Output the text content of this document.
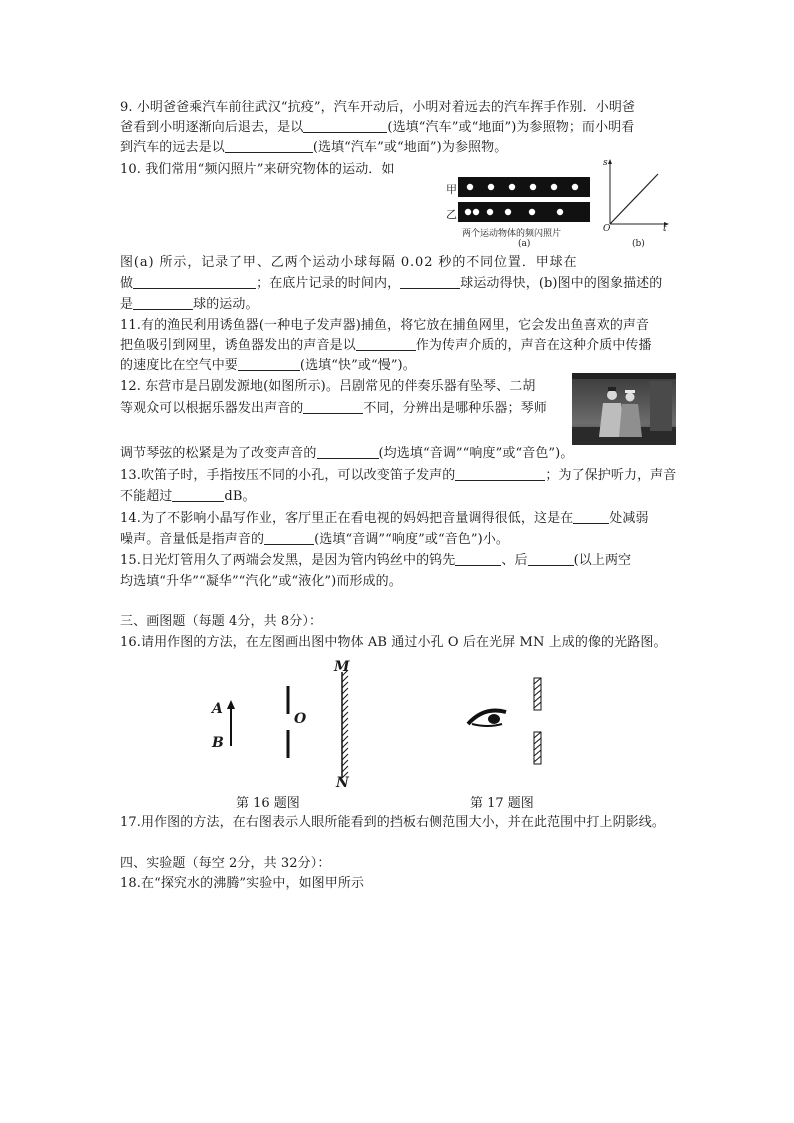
9. 小明爸爸乘汽车前往武汉“抗疫”，汽车开动后，小明对着远去的汽车挥手作别．小明爸
爸看到小明逐渐向后退去，是以	(选填“汽车”或“地面”)为参照物；而小明看
到汽车的远去是以	(选填“汽车”或“地面”)为参照物。
10. 我们常用“频闪照片”来研究物体的运动．如
甲
乙
两个运动物体的频闪照片
(a)
s
t
O
(b)
图(a) 所示，记录了甲、乙两个运动小球每隔 0.02 秒的不同位置．甲球在
做	；在底片记录的时间内，	球运动得快，(b)图中的图象描述的
是	球的运动。
11.有的渔民利用诱鱼器(一种电子发声器)捕鱼，将它放在捕鱼网里，它会发出鱼喜欢的声音
把鱼吸引到网里，诱鱼器发出的声音是以	作为传声介质的，声音在这种介质中传播
的速度比在空气中要	(选填“快”或“慢”)。
12. 东营市是吕剧发源地(如图所示)。吕剧常见的伴奏乐器有坠琴、二胡
等观众可以根据乐器发出声音的	不同，分辨出是哪种乐器；琴师
调节琴弦的松紧是为了改变声音的	(均选填“音调”“响度”或“音色”)。
13.吹笛子时，手指按压不同的小孔，可以改变笛子发声的	；为了保护听力，声音
不能超过	dB。
14.为了不影响小晶写作业，客厅里正在看电视的妈妈把音量调得很低，这是在	处减弱
噪声。音量低是指声音的	(选填“音调”“响度”或“音色”)小。
15.日光灯管用久了两端会发黑，是因为管内钨丝中的钨先	、后	(以上两空
均选填“升华”“凝华”“汽化”或“液化”)而形成的。
三、画图题（每题 4分，共 8分）：
16.请用作图的方法，在左图画出图中物体 AB 通过小孔 O 后在光屏 MN 上成的像的光路图。
A
B
O
M
N
第 16 题图	第 17 题图
17.用作图的方法，在右图表示人眼所能看到的挡板右侧范围大小，并在此范围中打上阴影线。
四、实验题（每空 2分，共 32分）：
18.在“探究水的沸腾”实验中，如图甲所示
